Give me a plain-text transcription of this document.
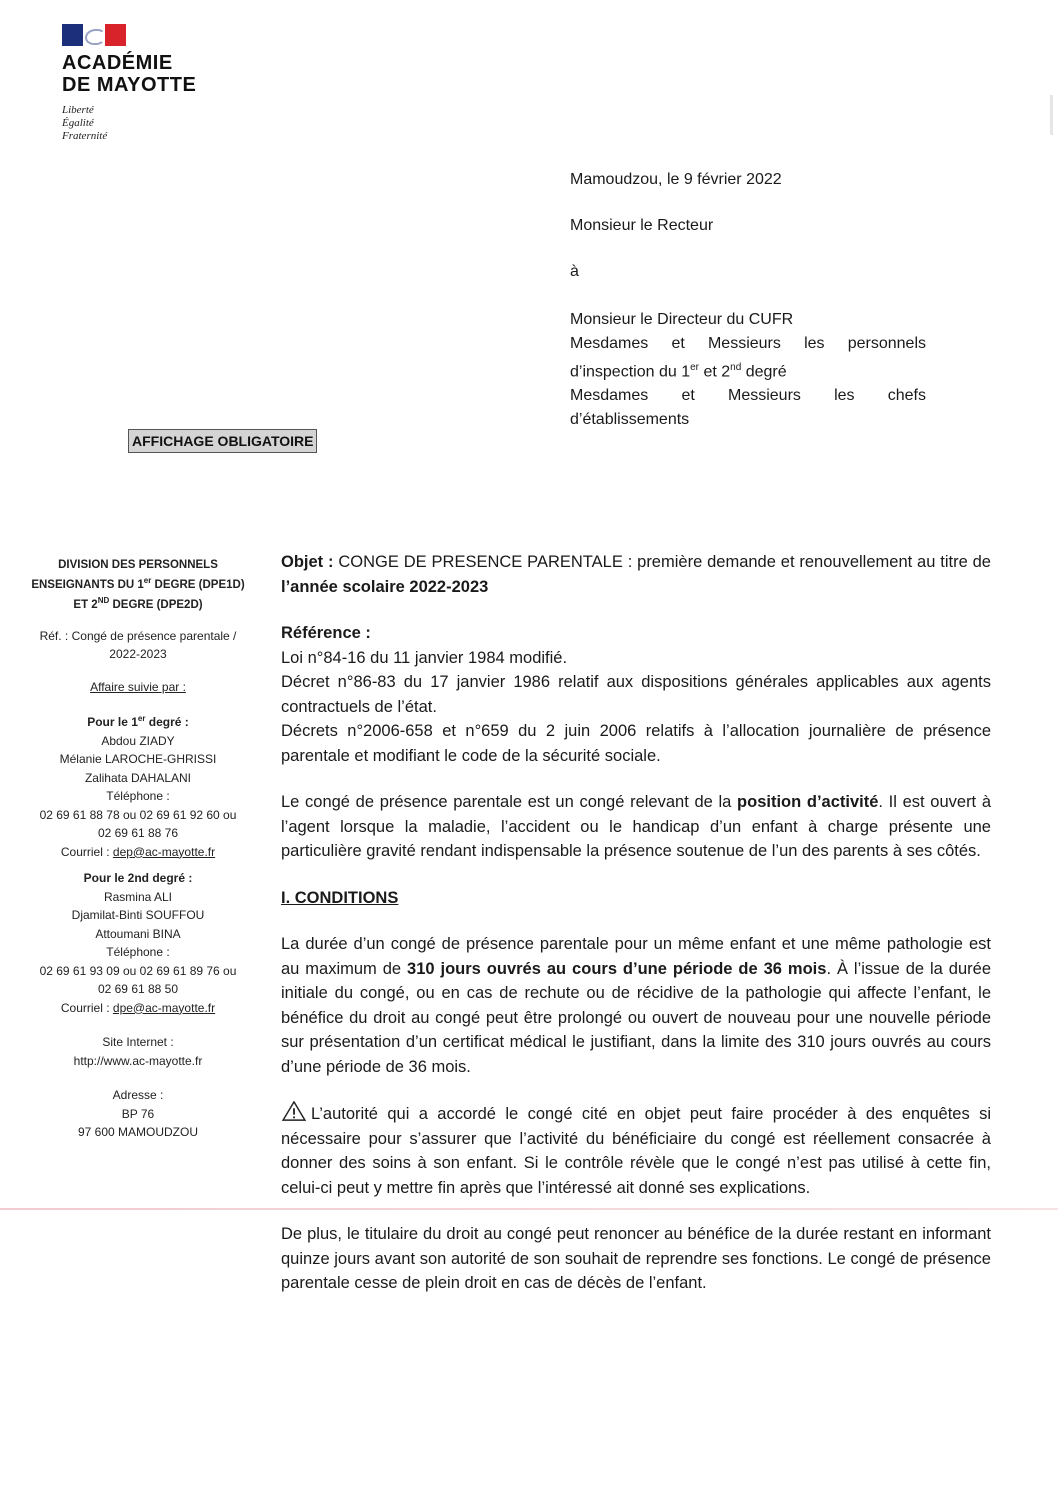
ACADÉMIE
DE MAYOTTE
Liberté
Égalité
Fraternité
Mamoudzou, le 9 février 2022
Monsieur le Recteur
à
Monsieur le Directeur du CUFR
Mesdames et Messieurs les personnels
d’inspection du 1er et 2nd degré
Mesdames et Messieurs les chefs
d’établissements
AFFICHAGE OBLIGATOIRE
DIVISION DES PERSONNELS
ENSEIGNANTS DU 1er DEGRE (DPE1D)
ET 2ND DEGRE (DPE2D)
Réf. : Congé de présence parentale /
2022-2023
Affaire suivie par :
Pour le 1er degré :
Abdou ZIADY
Mélanie LAROCHE-GHRISSI
Zalihata DAHALANI
Téléphone :
02 69 61 88 78 ou 02 69 61 92 60 ou
02 69 61 88 76
Courriel : dep@ac-mayotte.fr
Pour le 2nd degré :
Rasmina ALI
Djamilat-Binti SOUFFOU
Attoumani BINA
Téléphone :
02 69 61 93 09 ou 02 69 61 89 76 ou
02 69 61 88 50
Courriel : dpe@ac-mayotte.fr
Site Internet :
http://www.ac-mayotte.fr
Adresse :
BP 76
97 600 MAMOUDZOU

Objet : CONGE DE PRESENCE PARENTALE : première demande et renouvellement au titre de l’année scolaire 2022-2023

Référence :

Loi n°84-16 du 11 janvier 1984 modifié.

Décret n°86-83 du 17 janvier 1986 relatif aux dispositions générales applicables aux agents contractuels de l’état.

Décrets n°2006-658 et n°659 du 2 juin 2006 relatifs à l’allocation journalière de présence parentale et modifiant le code de la sécurité sociale.

Le congé de présence parentale est un congé relevant de la position d’activité. Il est ouvert à l’agent lorsque la maladie, l’accident ou le handicap d’un enfant à charge présente une particulière gravité rendant indispensable la présence soutenue de l’un des parents à ses côtés.

I. CONDITIONS

La durée d’un congé de présence parentale pour un même enfant et une même pathologie est au maximum de 310 jours ouvrés au cours d’une période de 36 mois. À l’issue de la durée initiale du congé, ou en cas de rechute ou de récidive de la pathologie qui affecte l’enfant, le bénéfice du droit au congé peut être prolongé ou ouvert de nouveau pour une nouvelle période sur présentation d’un certificat médical le justifiant, dans la limite des 310 jours ouvrés au cours d’une période de 36 mois.

L’autorité qui a accordé le congé cité en objet peut faire procéder à des enquêtes si nécessaire pour s’assurer que l’activité du bénéficiaire du congé est réellement consacrée à donner des soins à son enfant. Si le contrôle révèle que le congé n’est pas utilisé à cette fin, celui-ci peut y mettre fin après que l’intéressé ait donné ses explications.

De plus, le titulaire du droit au congé peut renoncer au bénéfice de la durée restant en informant quinze jours avant son autorité de son souhait de reprendre ses fonctions. Le congé de présence parentale cesse de plein droit en cas de décès de l’enfant.
